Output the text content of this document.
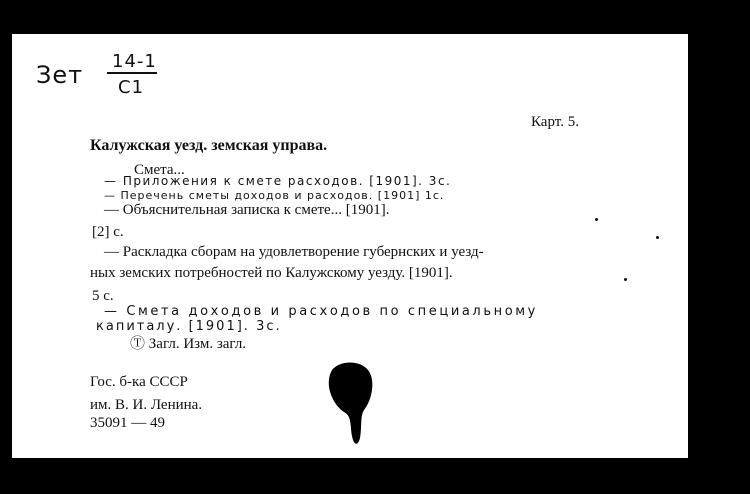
Зет 14-1
С1
Карт. 5.
Калужская уезд. земская управа.
Смета...
— Приложения к смете расходов. [1901]. 3с.
— Перечень сметы доходов и расходов. [1901] 1с.
— Объяснительная записка к смете... [1901].
[2] с.
— Раскладка сборам на удовлетворение губернских и уезд-
ных земских потребностей по Калужскому уезду. [1901].
5 с.
— Смета доходов и расходов по специальному
капиталу. [1901]. 3с.
Ⓣ Загл. Изм. загл.
Гос. б-ка СССР
им. В. И. Ленина.
35091 — 49
